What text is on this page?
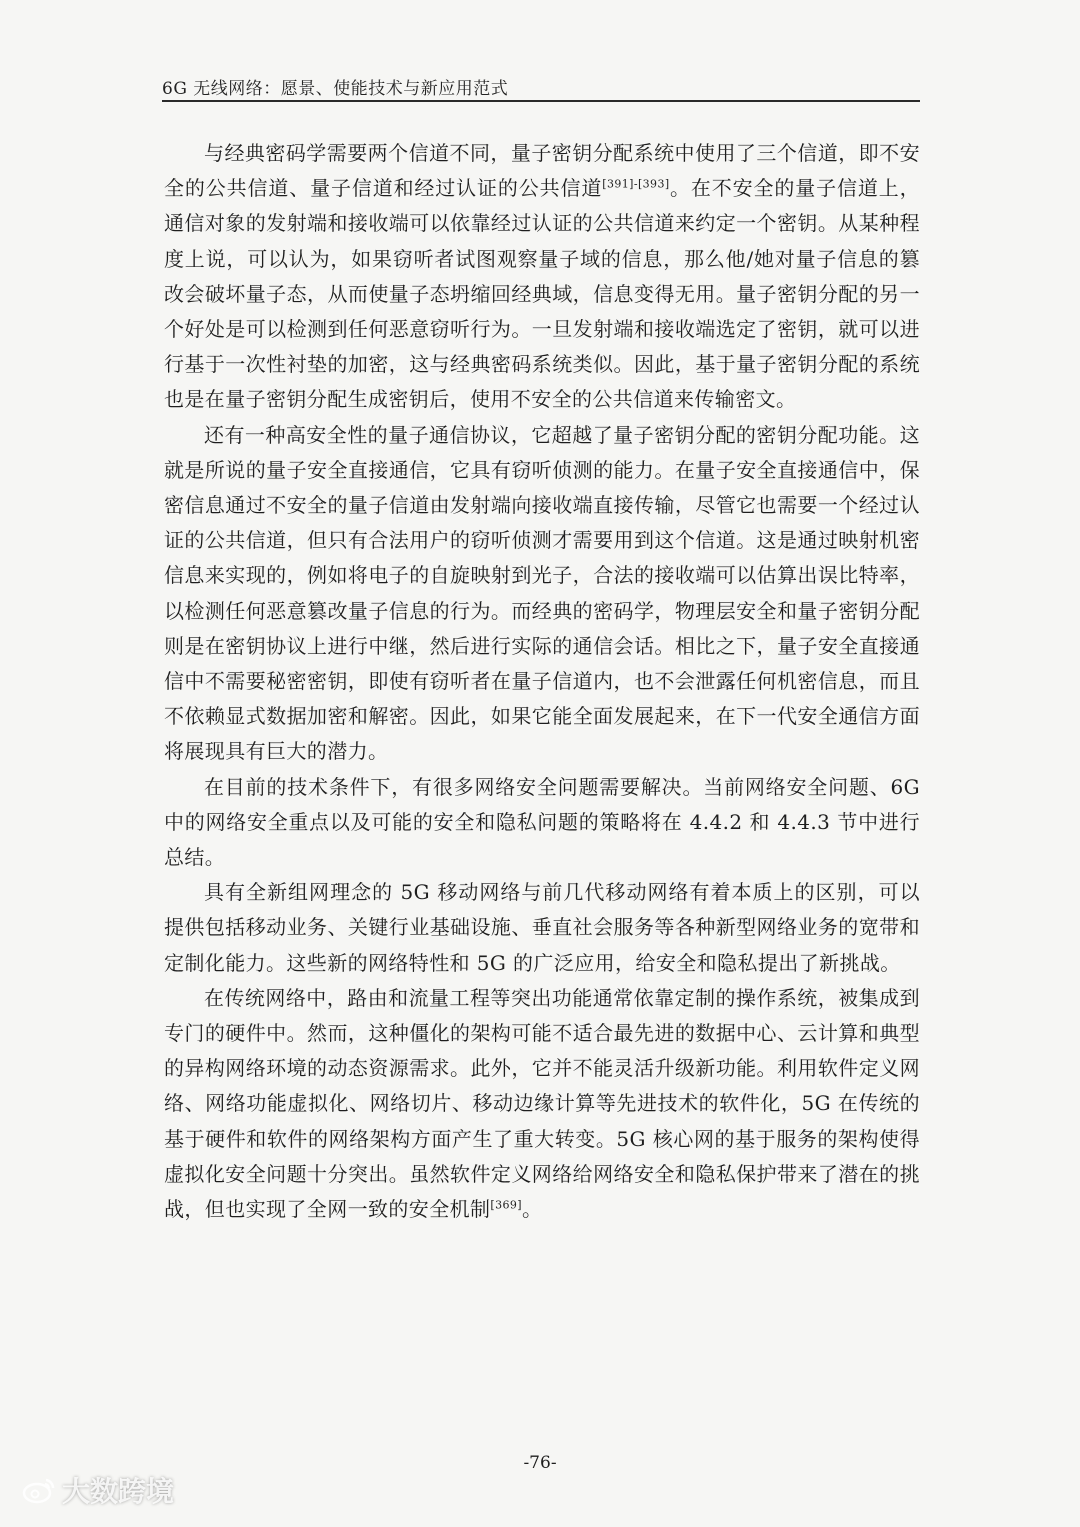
6G 无线网络：愿景、使能技术与新应用范式

与经典密码学需要两个信道不同，量子密钥分配系统中使用了三个信道，即不安全的公共信道、量子信道和经过认证的公共信道[391]-[393]。在不安全的量子信道上，通信对象的发射端和接收端可以依靠经过认证的公共信道来约定一个密钥。从某种程度上说，可以认为，如果窃听者试图观察量子域的信息，那么他/她对量子信息的篡改会破坏量子态，从而使量子态坍缩回经典域，信息变得无用。量子密钥分配的另一个好处是可以检测到任何恶意窃听行为。一旦发射端和接收端选定了密钥，就可以进行基于一次性衬垫的加密，这与经典密码系统类似。因此，基于量子密钥分配的系统也是在量子密钥分配生成密钥后，使用不安全的公共信道来传输密文。

还有一种高安全性的量子通信协议，它超越了量子密钥分配的密钥分配功能。这就是所说的量子安全直接通信，它具有窃听侦测的能力。在量子安全直接通信中，保密信息通过不安全的量子信道由发射端向接收端直接传输，尽管它也需要一个经过认证的公共信道，但只有合法用户的窃听侦测才需要用到这个信道。这是通过映射机密信息来实现的，例如将电子的自旋映射到光子，合法的接收端可以估算出误比特率，以检测任何恶意篡改量子信息的行为。而经典的密码学，物理层安全和量子密钥分配则是在密钥协议上进行中继，然后进行实际的通信会话。相比之下，量子安全直接通信中不需要秘密密钥，即使有窃听者在量子信道内，也不会泄露任何机密信息，而且不依赖显式数据加密和解密。因此，如果它能全面发展起来，在下一代安全通信方面将展现具有巨大的潜力。

在目前的技术条件下，有很多网络安全问题需要解决。当前网络安全问题、6G 中的网络安全重点以及可能的安全和隐私问题的策略将在 4.4.2 和 4.4.3 节中进行总结。

具有全新组网理念的 5G 移动网络与前几代移动网络有着本质上的区别，可以提供包括移动业务、关键行业基础设施、垂直社会服务等各种新型网络业务的宽带和定制化能力。这些新的网络特性和 5G 的广泛应用，给安全和隐私提出了新挑战。

在传统网络中，路由和流量工程等突出功能通常依靠定制的操作系统，被集成到专门的硬件中。然而，这种僵化的架构可能不适合最先进的数据中心、云计算和典型的异构网络环境的动态资源需求。此外，它并不能灵活升级新功能。利用软件定义网络、网络功能虚拟化、网络切片、移动边缘计算等先进技术的软件化，5G 在传统的基于硬件和软件的网络架构方面产生了重大转变。5G 核心网的基于服务的架构使得虚拟化安全问题十分突出。虽然软件定义网络给网络安全和隐私保护带来了潜在的挑战，但也实现了全网一致的安全机制[369]。

-76-
大数跨境
